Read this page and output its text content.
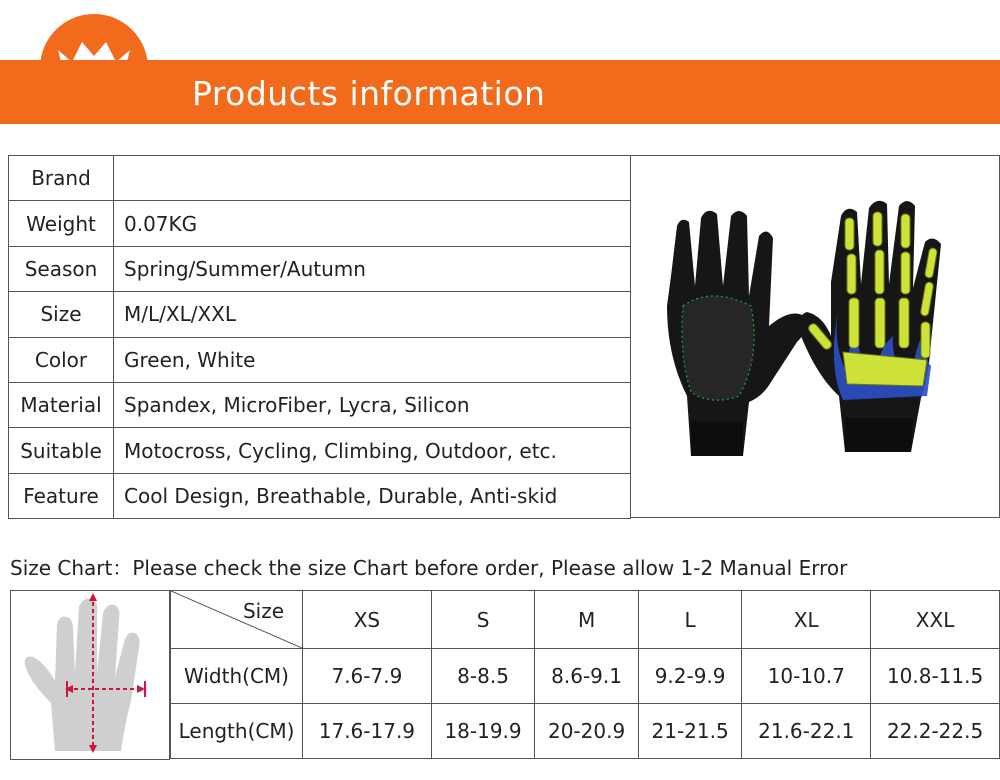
Products information
Brand	
Weight	0.07KG
Season	Spring/Summer/Autumn
Size	M/L/XL/XXL
Color	Green, White
Material	Spandex, MicroFiber, Lycra, Silicon
Suitable	Motocross, Cycling, Climbing, Outdoor, etc.
Feature	Cool Design, Breathable, Durable, Anti-skid
Size Chart：Please check the size Chart before order, Please allow 1-2 Manual Error
Size	XS	S	M	L	XL	XXL
Width(CM)	7.6-7.9	8-8.5	8.6-9.1	9.2-9.9	10-10.7	10.8-11.5
Length(CM)	17.6-17.9	18-19.9	20-20.9	21-21.5	21.6-22.1	22.2-22.5
